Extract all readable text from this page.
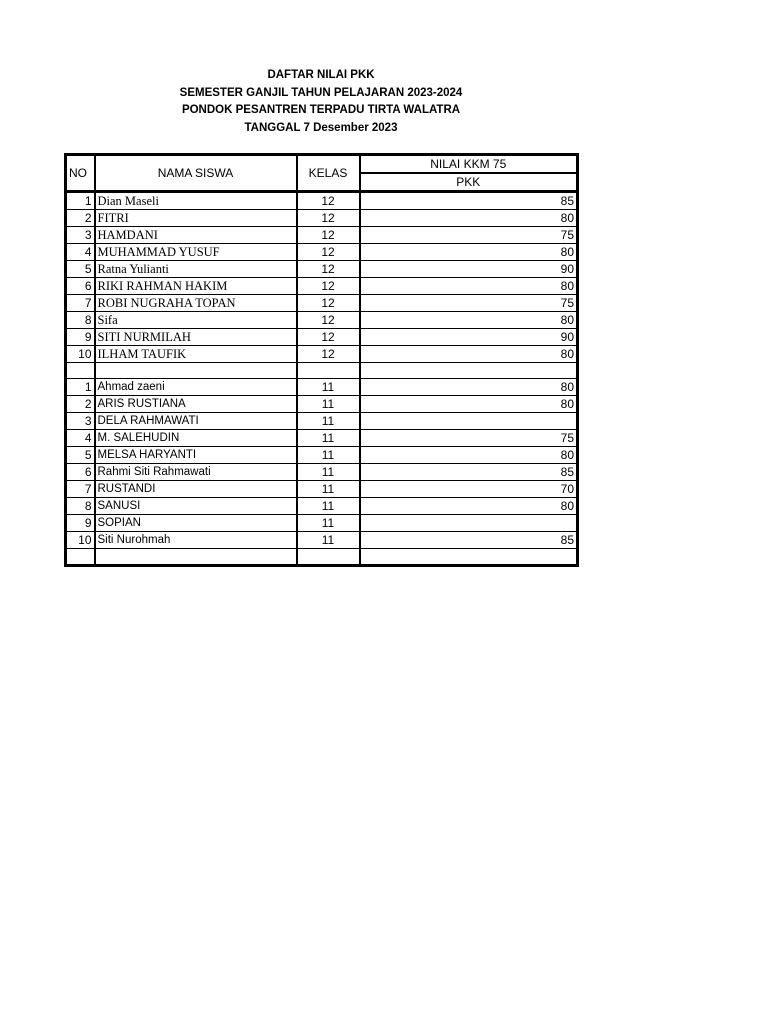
DAFTAR NILAI PKK
SEMESTER GANJIL TAHUN PELAJARAN 2023-2024
PONDOK PESANTREN TERPADU TIRTA WALATRA
TANGGAL 7 Desember 2023
NO	NAMA SISWA	KELAS	NILAI KKM 75
			PKK
1	Dian Maseli	12	85
2	FITRI	12	80
3	HAMDANI	12	75
4	MUHAMMAD YUSUF	12	80
5	Ratna Yulianti	12	90
6	RIKI RAHMAN HAKIM	12	80
7	ROBI NUGRAHA TOPAN	12	75
8	Sifa	12	80
9	SITI NURMILAH	12	90
10	ILHAM TAUFIK	12	80

1	Ahmad zaeni	11	80
2	ARIS RUSTIANA	11	80
3	DELA RAHMAWATI	11	
4	M. SALEHUDIN	11	75
5	MELSA HARYANTI	11	80
6	Rahmi Siti Rahmawati	11	85
7	RUSTANDI	11	70
8	SANUSI	11	80
9	SOPIAN	11	
10	Siti Nurohmah	11	85
